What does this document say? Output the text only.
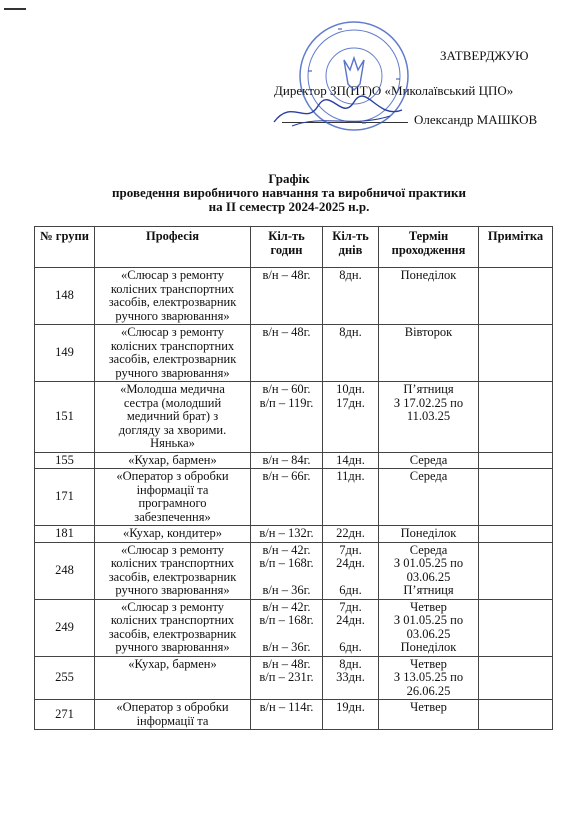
ЗАТВЕРДЖУЮ
Директор ЗП(ПТ)О «Миколаївський ЦПО»
Олександр МАШКОВ
Графік
проведення виробничого навчання та виробничої практики
на ІІ семестр 2024-2025 н.р.
№ групи	Професія	Кіл-ть годин	Кіл-ть днів	Термін проходження	Примітка
148	«Слюсар з ремонту
колісних транспортних
засобів, електрозварник
ручного зварювання»	в/н – 48г.	8дн.	Понеділок	

149	«Слюсар з ремонту
колісних транспортних
засобів, електрозварник
ручного зварювання»	в/н – 48г.	8дн.	Вівторок	

151	«Молодша медична
сестра (молодший
медичний брат) з
догляду за хворими.
Нянька»	в/н – 60г.
в/п – 119г.	10дн.
17дн.	П’ятниця
З 17.02.25 по
11.03.25	

155	«Кухар, бармен»	в/н – 84г.	14дн.	Середа	

171	«Оператор з обробки
інформації та
програмного
забезпечення»	в/н – 66г.	11дн.	Середа	

181	«Кухар, кондитер»	в/н – 132г.	22дн.	Понеділок	

248	«Слюсар з ремонту
колісних транспортних
засобів, електрозварник
ручного зварювання»	в/н – 42г.
в/п – 168г.

в/н – 36г.	7дн.
24дн.

6дн.	Середа
З 01.05.25 по
03.06.25
П’ятниця	

249	«Слюсар з ремонту
колісних транспортних
засобів, електрозварник
ручного зварювання»	в/н – 42г.
в/п – 168г.

в/н – 36г.	7дн.
24дн.

6дн.	Четвер
З 01.05.25 по
03.06.25
Понеділок	

255	«Кухар, бармен»	в/н – 48г.
в/п – 231г.	8дн.
33дн.	Четвер
З 13.05.25 по
26.06.25	

271	«Оператор з обробки
інформації та	в/н – 114г.	19дн.	Четвер	
